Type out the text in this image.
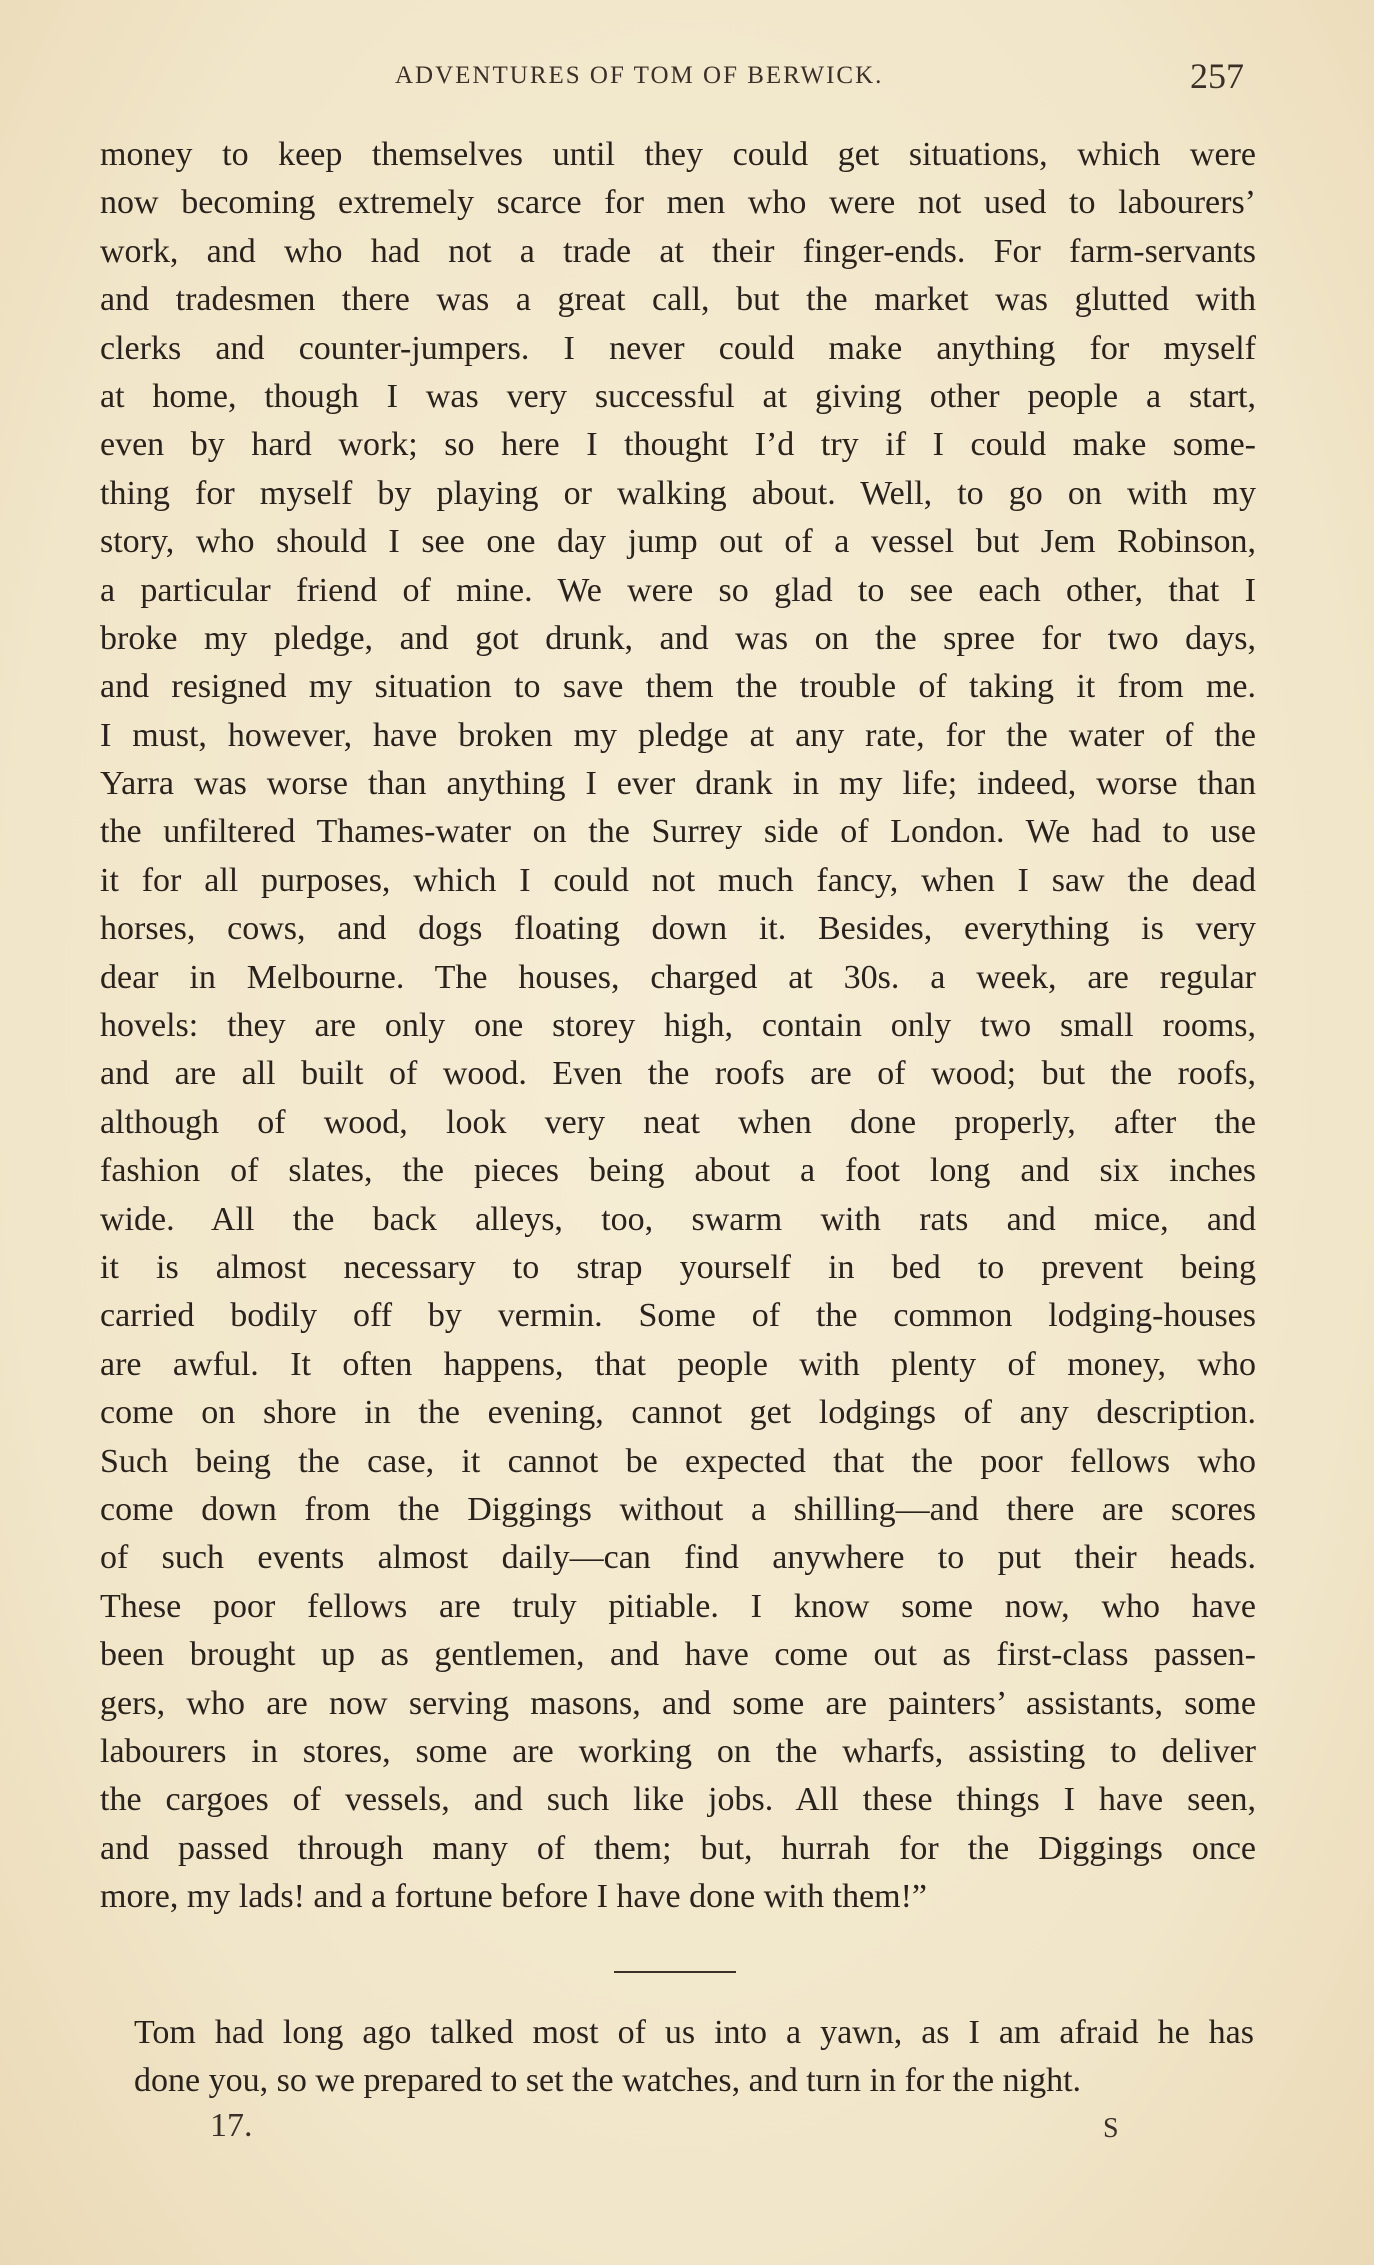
ADVENTURES OF TOM OF BERWICK.	257
money to keep themselves until they could get situations, which were
now becoming extremely scarce for men who were not used to labourers’
work, and who had not a trade at their finger-ends. For farm-servants
and tradesmen there was a great call, but the market was glutted with
clerks and counter-jumpers. I never could make anything for myself
at home, though I was very successful at giving other people a start,
even by hard work; so here I thought I’d try if I could make some-
thing for myself by playing or walking about. Well, to go on with my
story, who should I see one day jump out of a vessel but Jem Robinson,
a particular friend of mine. We were so glad to see each other, that I
broke my pledge, and got drunk, and was on the spree for two days,
and resigned my situation to save them the trouble of taking it from me.
I must, however, have broken my pledge at any rate, for the water of the
Yarra was worse than anything I ever drank in my life; indeed, worse than
the unfiltered Thames-water on the Surrey side of London. We had to use
it for all purposes, which I could not much fancy, when I saw the dead
horses, cows, and dogs floating down it. Besides, everything is very
dear in Melbourne. The houses, charged at 30s. a week, are regular
hovels: they are only one storey high, contain only two small rooms,
and are all built of wood. Even the roofs are of wood; but the roofs,
although of wood, look very neat when done properly, after the
fashion of slates, the pieces being about a foot long and six inches
wide. All the back alleys, too, swarm with rats and mice, and
it is almost necessary to strap yourself in bed to prevent being
carried bodily off by vermin. Some of the common lodging-houses
are awful. It often happens, that people with plenty of money, who
come on shore in the evening, cannot get lodgings of any description.
Such being the case, it cannot be expected that the poor fellows who
come down from the Diggings without a shilling—and there are scores
of such events almost daily—can find anywhere to put their heads.
These poor fellows are truly pitiable. I know some now, who have
been brought up as gentlemen, and have come out as first-class passen-
gers, who are now serving masons, and some are painters’ assistants, some
labourers in stores, some are working on the wharfs, assisting to deliver
the cargoes of vessels, and such like jobs. All these things I have seen,
and passed through many of them; but, hurrah for the Diggings once
more, my lads! and a fortune before I have done with them!”
Tom had long ago talked most of us into a yawn, as I am afraid he has
done you, so we prepared to set the watches, and turn in for the night.
17.	S
